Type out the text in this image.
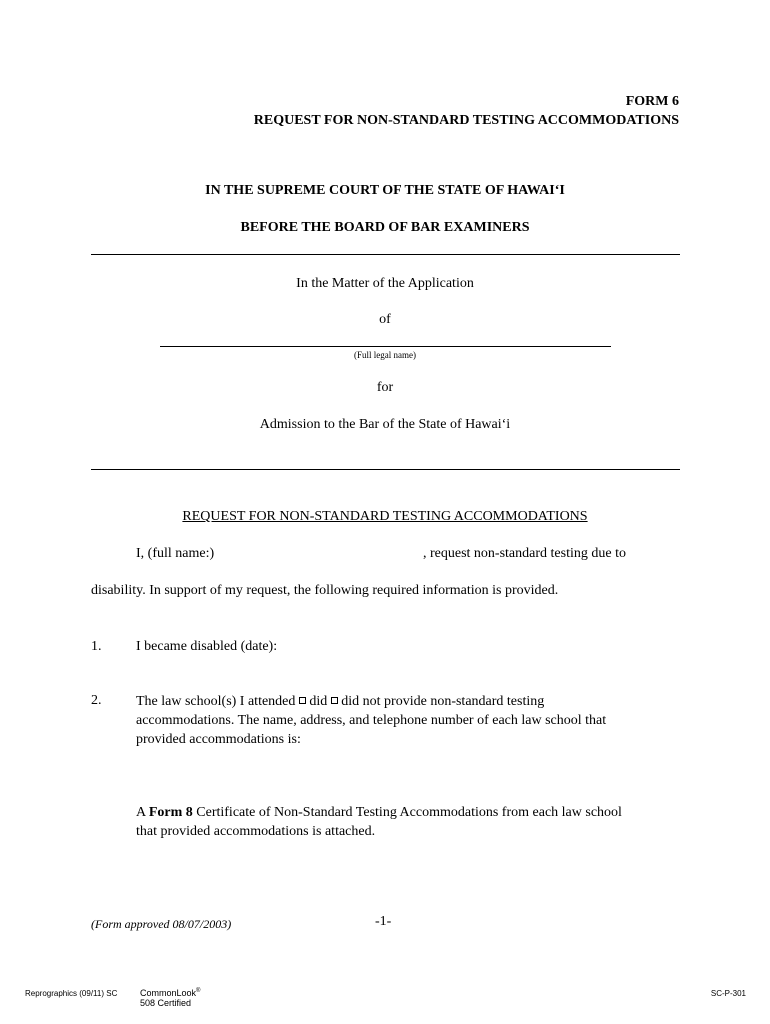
FORM 6
REQUEST FOR NON-STANDARD TESTING ACCOMMODATIONS
IN THE SUPREME COURT OF THE STATE OF HAWAIʻI
BEFORE THE BOARD OF BAR EXAMINERS
In the Matter of the Application
of
(Full legal name)
for
Admission to the Bar of the State of Hawaiʻi
REQUEST FOR NON-STANDARD TESTING ACCOMMODATIONS
I, (full name:)	, request non-standard testing due to
disability. In support of my request, the following required information is provided.
1. I became disabled (date):
2. The law school(s) I attended did did not provide non-standard testing
accommodations. The name, address, and telephone number of each law school that
provided accommodations is:
A Form 8 Certificate of Non-Standard Testing Accommodations from each law school
that provided accommodations is attached.
(Form approved 08/07/2003)	-1-
Reprographics (09/11) SC	CommonLook®
508 Certified
SC-P-301
